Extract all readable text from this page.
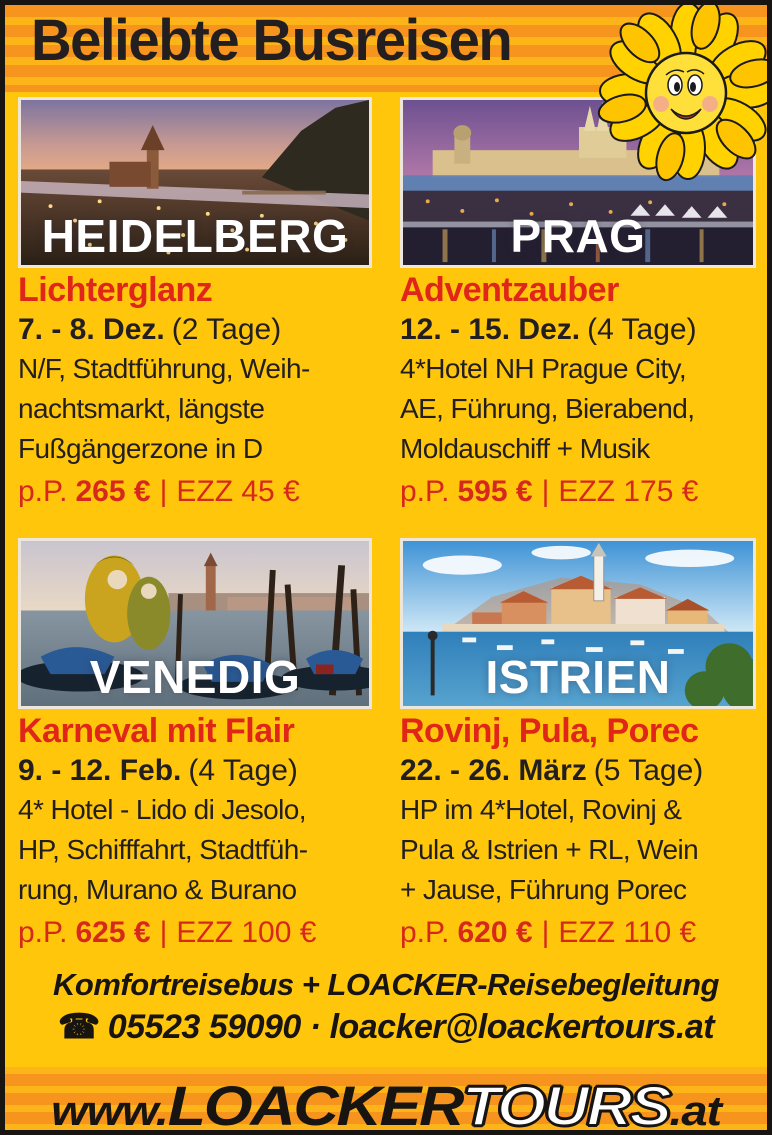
Beliebte Busreisen
HEIDELBERG
Lichterglanz

7. - 8. Dez. (2 Tage)

N/F, Stadtführung, Weih-
nachtsmarkt, längste
Fußgängerzone in D

p.P. 265 € | EZZ 45 €

PRAG
Adventzauber

12. - 15. Dez. (4 Tage)

4*Hotel NH Prague City,
AE, Führung, Bierabend,
Moldauschiff + Musik

p.P. 595 € | EZZ 175 €

VENEDIG
Karneval mit Flair

9. - 12. Feb. (4 Tage)

4* Hotel - Lido di Jesolo,
HP, Schifffahrt, Stadtfüh-
rung, Murano & Burano

p.P. 625 € | EZZ 100 €

ISTRIEN
Rovinj, Pula, Porec

22. - 26. März (5 Tage)

HP im 4*Hotel, Rovinj &
Pula & Istrien + RL, Wein
+ Jause, Führung Porec

p.P. 620 € | EZZ 110 €

Komfortreisebus + LOACKER-Reisebegleitung

☎ 05523 59090 · loacker@loackertours.at

www. LOACKER TOURS .at
